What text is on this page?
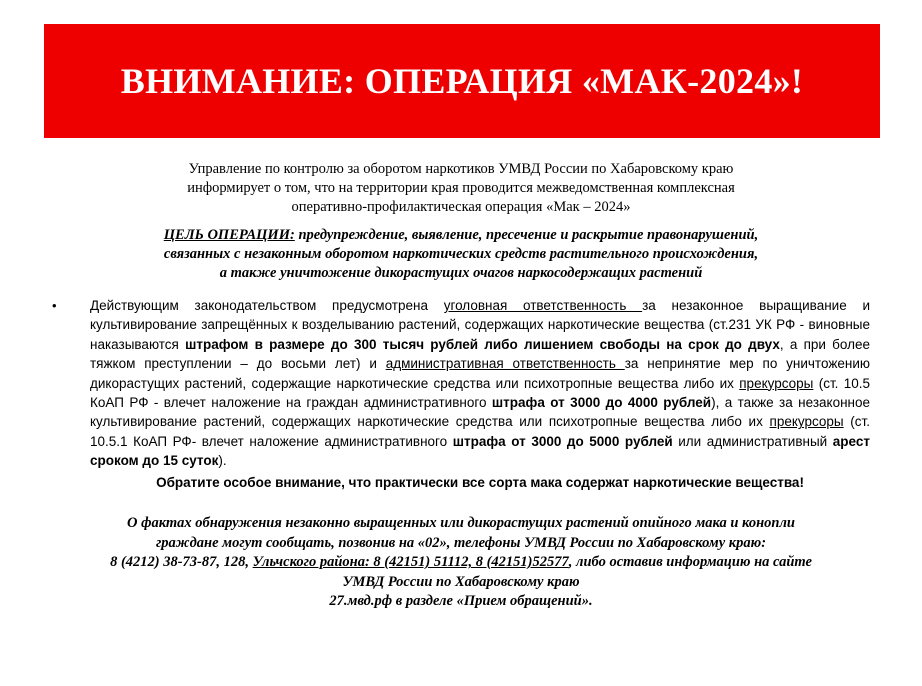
ВНИМАНИЕ: ОПЕРАЦИЯ «МАК-2024»!

Управление по контролю за оборотом наркотиков УМВД России по Хабаровскому краю

информирует о том, что на территории края проводится межведомственная комплексная

оперативно-профилактическая операция «Мак – 2024»

ЦЕЛЬ ОПЕРАЦИИ: предупреждение, выявление, пресечение и раскрытие правонарушений,
связанных с незаконным оборотом наркотических средств растительного происхождения,
а также уничтожение дикорастущих очагов наркосодержащих растений
• Действующим законодательством предусмотрена уголовная ответственность за незаконное выращивание и культивирование запрещённых к возделыванию растений, содержащих наркотические вещества (ст.231 УК РФ - виновные наказываются штрафом в размере до 300 тысяч рублей либо лишением свободы на срок до двух, а при более тяжком преступлении – до восьми лет) и административная ответственность за непринятие мер по уничтожению дикорастущих растений, содержащие наркотические средства или психотропные вещества либо их прекурсоры (ст. 10.5 КоАП РФ - влечет наложение на граждан административного штрафа от 3000 до 4000 рублей), а также за незаконное культивирование растений, содержащих наркотические средства или психотропные вещества либо их прекурсоры (ст. 10.5.1 КоАП РФ- влечет наложение административного штрафа от 3000 до 5000 рублей или административный арест сроком до 15 суток).
Обратите особое внимание, что практически все сорта мака содержат наркотические вещества!

О фактах обнаружения незаконно выращенных или дикорастущих растений опийного мака и конопли

граждане могут сообщать, позвонив на «02», телефоны УМВД России по Хабаровскому краю:

8 (4212) 38-73-87, 128, Ульчского района: 8 (42151) 51112, 8 (42151)52577, либо оставив информацию на сайте

УМВД России по Хабаровскому краю

27.мвд.рф в разделе «Прием обращений».
